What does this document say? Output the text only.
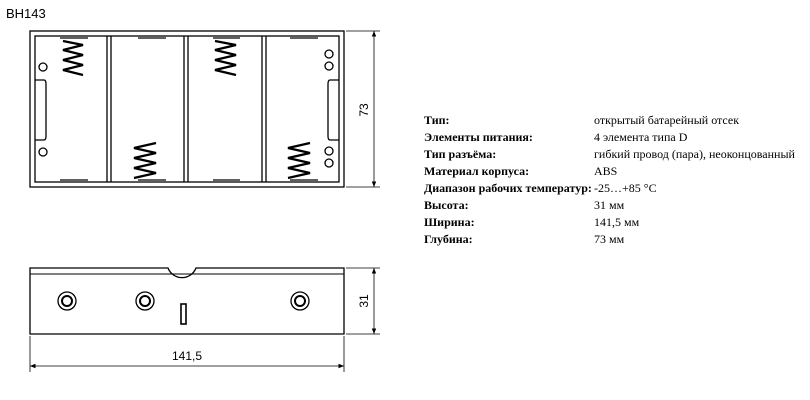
BH143
73
31
141,5
Тип:	открытый батарейный отсек
Элементы питания:	4 элемента типа D
Тип разъёма:	гибкий провод (пара), неоконцованный
Материал корпуса:	ABS
Диапазон рабочих температур:	-25…+85 °C
Высота:	31 мм
Ширина:	141,5 мм
Глубина:	73 мм
